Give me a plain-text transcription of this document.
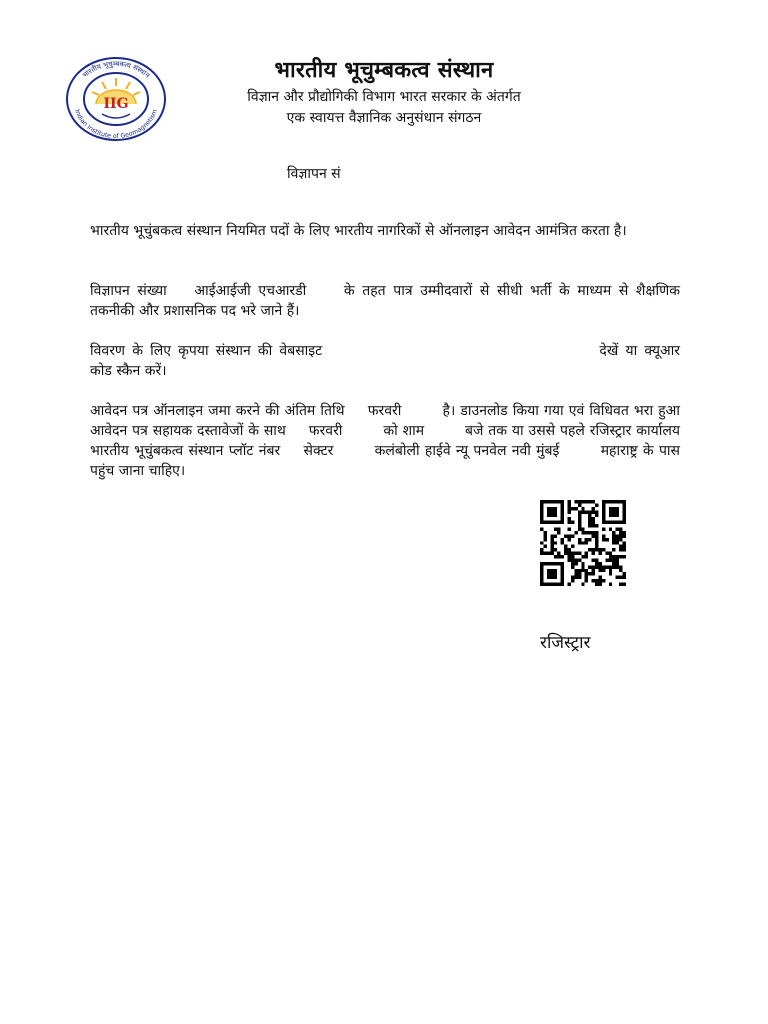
IIG
भारतीय भूचुम्बकत्व संस्थान
Indian Institute of Geomagnetism
भारतीय भूचुम्बकत्व संस्थान
विज्ञान और प्रौद्योगिकी विभाग भारत सरकार के अंतर्गत
एक स्वायत्त वैज्ञानिक अनुसंधान संगठन
विज्ञापन सं
भारतीय भूचुंबकत्व संस्थान नियमित पदों के लिए भारतीय नागरिकों से ऑनलाइन आवेदन आमंत्रित करता है।
विज्ञापन संख्या आईआईजी एचआरडी	के तहत पात्र उम्मीदवारों से सीधी भर्ती के माध्यम से शैक्षणिक तकनीकी और प्रशासनिक पद भरे जाने हैं।
विवरण के लिए कृपया संस्थान की वेबसाइट	देखें या क्यूआर कोड स्कैन करें।
आवेदन पत्र ऑनलाइन जमा करने की अंतिम तिथि फरवरी	है। डाउनलोड किया गया एवं विधिवत भरा हुआ आवेदन पत्र सहायक दस्तावेजों के साथ फरवरी	को शाम	बजे तक या उससे पहले रजिस्ट्रार कार्यालय भारतीय भूचुंबकत्व संस्थान प्लॉट नंबर सेक्टर	कलंबोली हाईवे न्यू पनवेल नवी मुंबई	महाराष्ट्र के पास पहुंच जाना चाहिए।
रजिस्ट्रार
